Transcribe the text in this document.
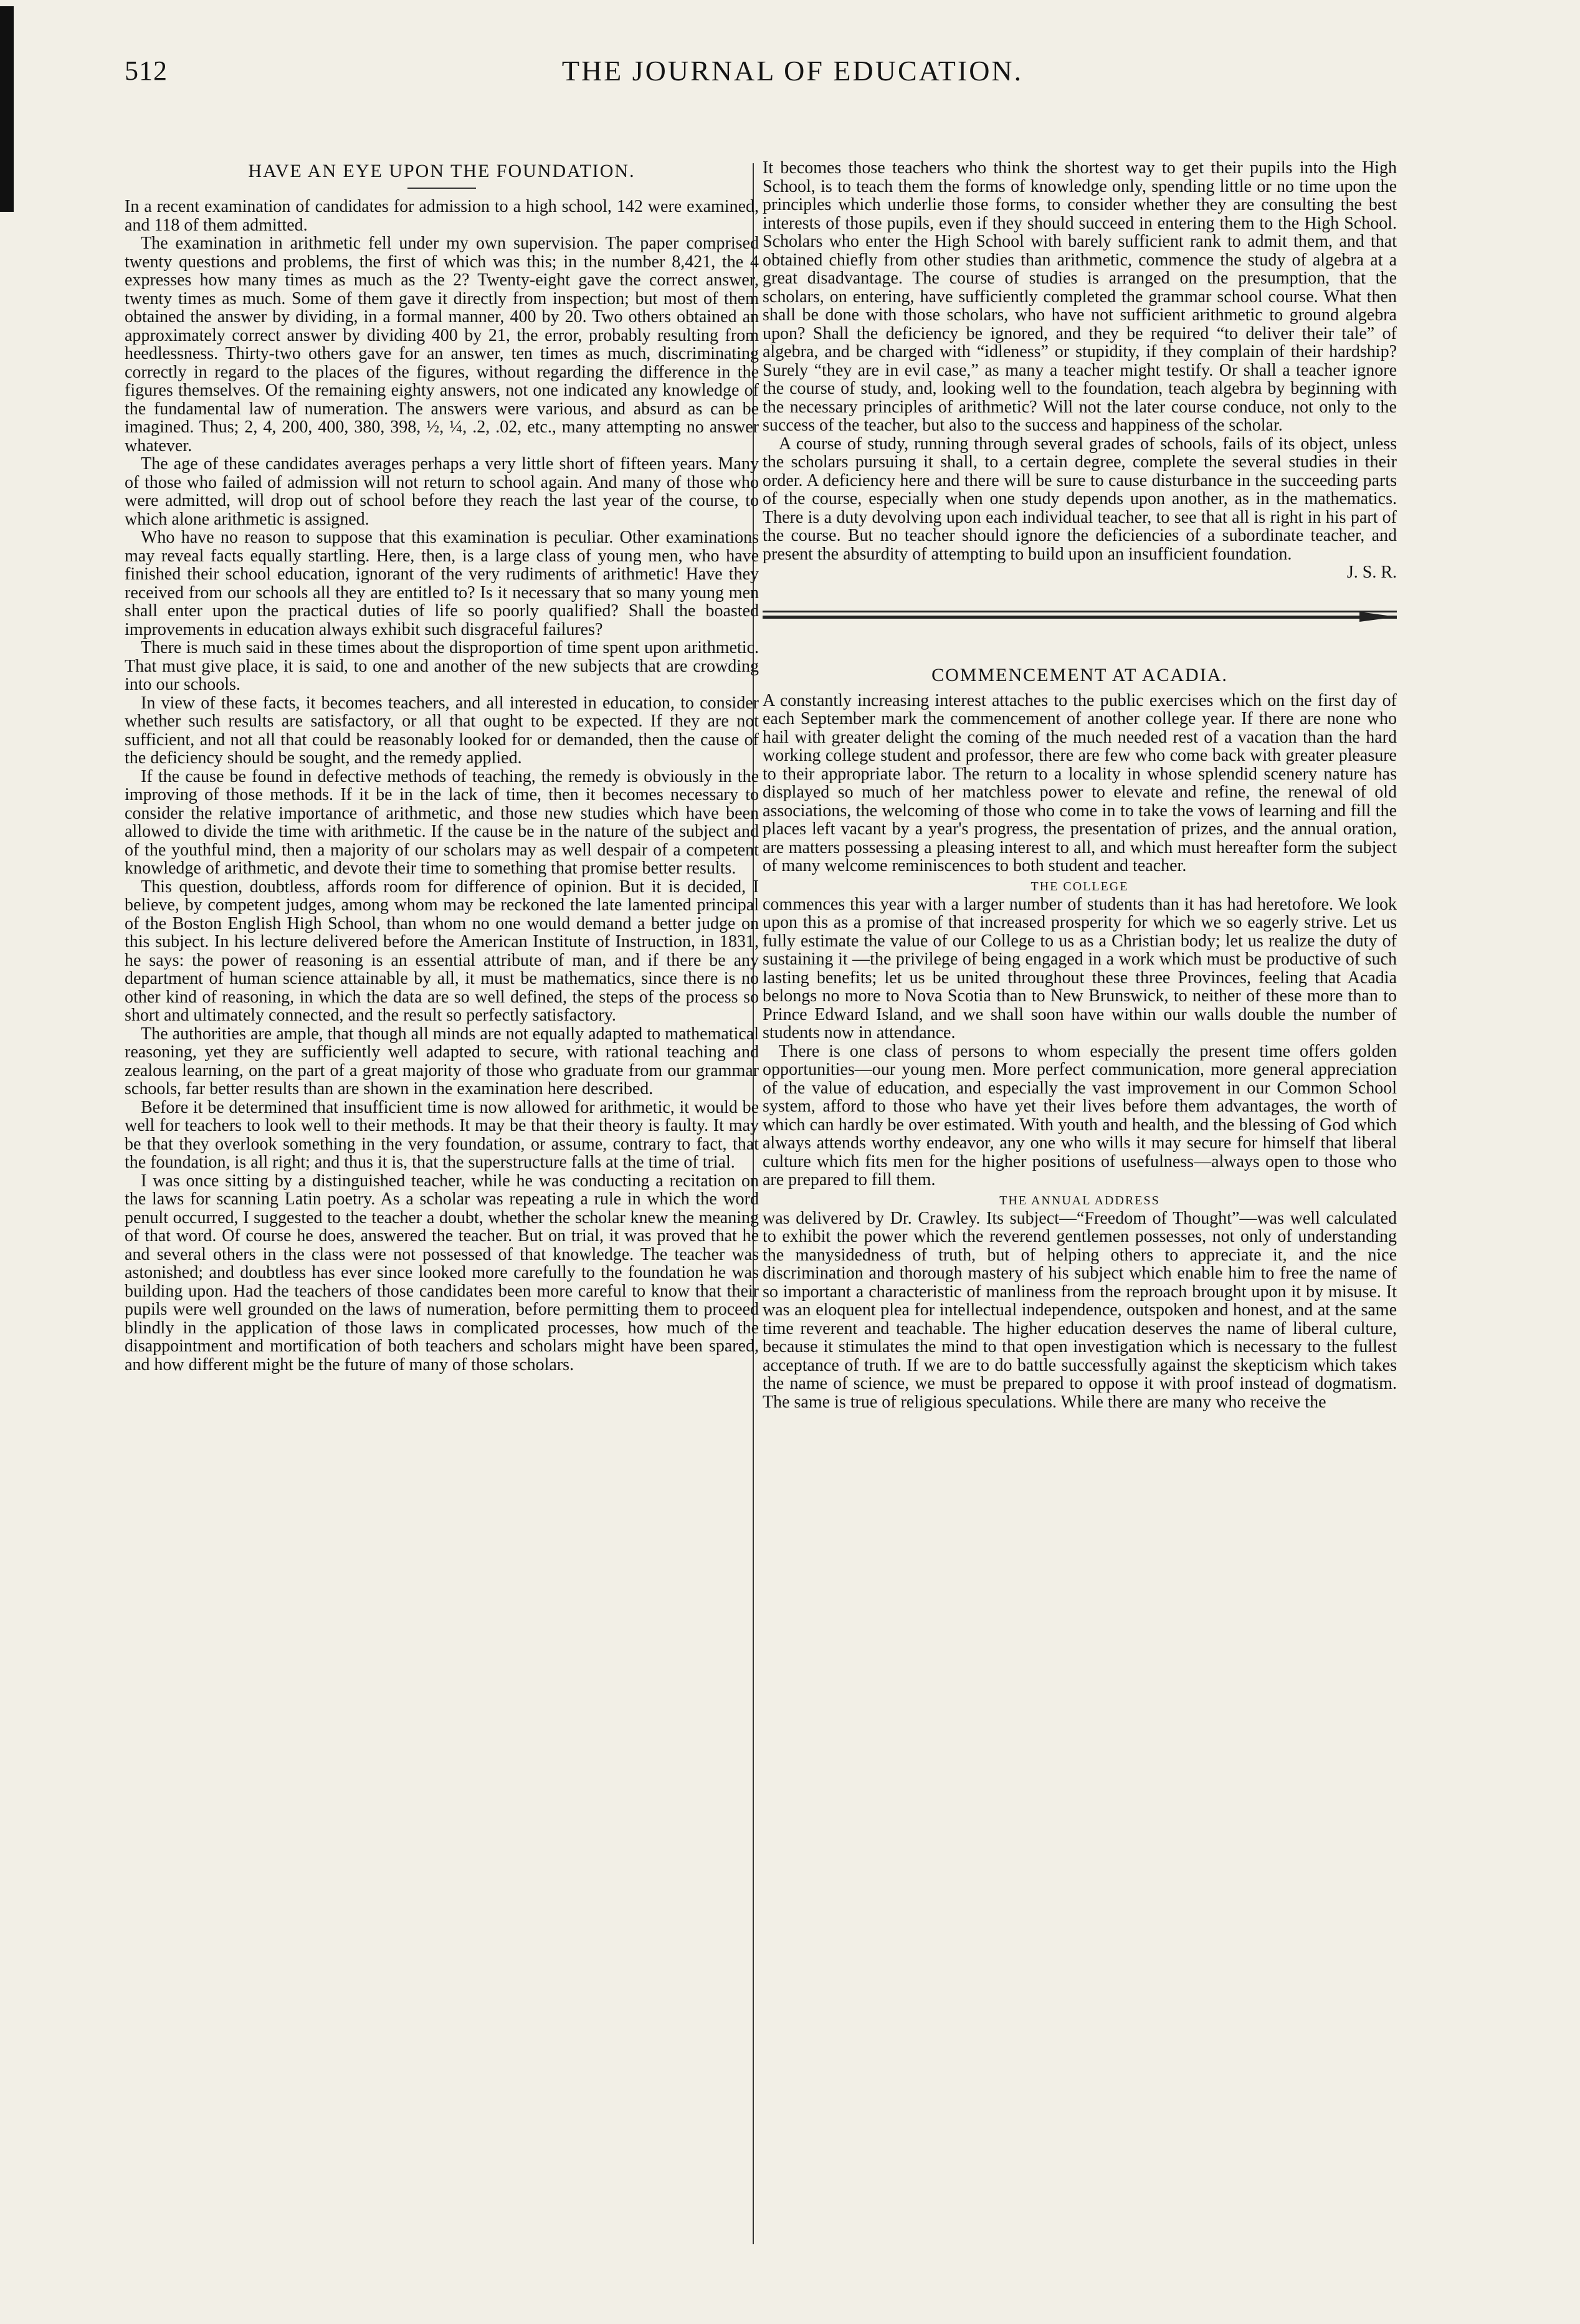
512	THE JOURNAL OF EDUCATION.
HAVE AN EYE UPON THE FOUNDATION.

In a recent examination of candidates for admission to a high school, 142 were examined, and 118 of them admitted.

The examination in arithmetic fell under my own supervision. The paper comprised twenty questions and problems, the first of which was this; in the number 8,421, the 4 expresses how many times as much as the 2? Twenty-eight gave the correct answer, twenty times as much. Some of them gave it directly from inspection; but most of them obtained the answer by dividing, in a formal manner, 400 by 20. Two others obtained an approximately correct answer by dividing 400 by 21, the error, probably resulting from heedlessness. Thirty-two others gave for an answer, ten times as much, discriminating correctly in regard to the places of the figures, without regarding the difference in the figures themselves. Of the remaining eighty answers, not one indicated any knowledge of the fundamental law of numeration. The answers were various, and absurd as can be imagined. Thus; 2, 4, 200, 400, 380, 398, ½, ¼, .2, .02, etc., many attempting no answer whatever.

The age of these candidates averages perhaps a very little short of fifteen years. Many of those who failed of admission will not return to school again. And many of those who were admitted, will drop out of school before they reach the last year of the course, to which alone arithmetic is assigned.

Who have no reason to suppose that this examination is peculiar. Other examinations may reveal facts equally startling. Here, then, is a large class of young men, who have finished their school education, ignorant of the very rudiments of arithmetic! Have they received from our schools all they are entitled to? Is it necessary that so many young men shall enter upon the practical duties of life so poorly qualified? Shall the boasted improvements in education always exhibit such disgraceful failures?

There is much said in these times about the disproportion of time spent upon arithmetic. That must give place, it is said, to one and another of the new subjects that are crowding into our schools.

In view of these facts, it becomes teachers, and all interested in education, to consider whether such results are satisfactory, or all that ought to be expected. If they are not sufficient, and not all that could be reasonably looked for or demanded, then the cause of the deficiency should be sought, and the remedy applied.

If the cause be found in defective methods of teaching, the remedy is obviously in the improving of those methods. If it be in the lack of time, then it becomes necessary to consider the relative importance of arithmetic, and those new studies which have been allowed to divide the time with arithmetic. If the cause be in the nature of the subject and of the youthful mind, then a majority of our scholars may as well despair of a competent knowledge of arithmetic, and devote their time to something that promise better results.

This question, doubtless, affords room for difference of opinion. But it is decided, I believe, by competent judges, among whom may be reckoned the late lamented principal of the Boston English High School, than whom no one would demand a better judge on this subject. In his lecture delivered before the American Institute of Instruction, in 1831, he says: the power of reasoning is an essential attribute of man, and if there be any department of human science attainable by all, it must be mathematics, since there is no other kind of reasoning, in which the data are so well defined, the steps of the process so short and ultimately connected, and the result so perfectly satisfactory.

The authorities are ample, that though all minds are not equally adapted to mathematical reasoning, yet they are sufficiently well adapted to secure, with rational teaching and zealous learning, on the part of a great majority of those who graduate from our grammar schools, far better results than are shown in the examination here described.

Before it be determined that insufficient time is now allowed for arithmetic, it would be well for teachers to look well to their methods. It may be that their theory is faulty. It may be that they overlook something in the very foundation, or assume, contrary to fact, that the foundation, is all right; and thus it is, that the superstructure falls at the time of trial.

I was once sitting by a distinguished teacher, while he was conducting a recitation on the laws for scanning Latin poetry. As a scholar was repeating a rule in which the word penult occurred, I suggested to the teacher a doubt, whether the scholar knew the meaning of that word. Of course he does, answered the teacher. But on trial, it was proved that he and several others in the class were not possessed of that knowledge. The teacher was astonished; and doubtless has ever since looked more carefully to the foundation he was building upon. Had the teachers of those candidates been more careful to know that their pupils were well grounded on the laws of numeration, before permitting them to proceed blindly in the application of those laws in complicated processes, how much of the disappointment and mortification of both teachers and scholars might have been spared, and how different might be the future of many of those scholars.

It becomes those teachers who think the shortest way to get their pupils into the High School, is to teach them the forms of knowledge only, spending little or no time upon the principles which underlie those forms, to consider whether they are consulting the best interests of those pupils, even if they should succeed in entering them to the High School. Scholars who enter the High School with barely sufficient rank to admit them, and that obtained chiefly from other studies than arithmetic, commence the study of algebra at a great disadvantage. The course of studies is arranged on the presumption, that the scholars, on entering, have sufficiently completed the grammar school course. What then shall be done with those scholars, who have not sufficient arithmetic to ground algebra upon? Shall the deficiency be ignored, and they be required “to deliver their tale” of algebra, and be charged with “idleness” or stupidity, if they complain of their hardship? Surely “they are in evil case,” as many a teacher might testify. Or shall a teacher ignore the course of study, and, looking well to the foundation, teach algebra by beginning with the necessary principles of arithmetic? Will not the later course conduce, not only to the success of the teacher, but also to the success and happiness of the scholar.

A course of study, running through several grades of schools, fails of its object, unless the scholars pursuing it shall, to a certain degree, complete the several studies in their order. A deficiency here and there will be sure to cause disturbance in the succeeding parts of the course, especially when one study depends upon another, as in the mathematics. There is a duty devolving upon each individual teacher, to see that all is right in his part of the course. But no teacher should ignore the deficiencies of a subordinate teacher, and present the absurdity of attempting to build upon an insufficient foundation.

J. S. R.
COMMENCEMENT AT ACADIA.

A constantly increasing interest attaches to the public exercises which on the first day of each September mark the commencement of another college year. If there are none who hail with greater delight the coming of the much needed rest of a vacation than the hard working college student and professor, there are few who come back with greater pleasure to their appropriate labor. The return to a locality in whose splendid scenery nature has displayed so much of her matchless power to elevate and refine, the renewal of old associations, the welcoming of those who come in to take the vows of learning and fill the places left vacant by a year's progress, the presentation of prizes, and the annual oration, are matters possessing a pleasing interest to all, and which must hereafter form the subject of many welcome reminiscences to both student and teacher.

THE COLLEGE

commences this year with a larger number of students than it has had heretofore. We look upon this as a promise of that increased prosperity for which we so eagerly strive. Let us fully estimate the value of our College to us as a Christian body; let us realize the duty of sustaining it —the privilege of being engaged in a work which must be productive of such lasting benefits; let us be united throughout these three Provinces, feeling that Acadia belongs no more to Nova Scotia than to New Brunswick, to neither of these more than to Prince Edward Island, and we shall soon have within our walls double the number of students now in attendance.

There is one class of persons to whom especially the present time offers golden opportunities—our young men. More perfect communication, more general appreciation of the value of education, and especially the vast improvement in our Common School system, afford to those who have yet their lives before them advantages, the worth of which can hardly be over estimated. With youth and health, and the blessing of God which always attends worthy endeavor, any one who wills it may secure for himself that liberal culture which fits men for the higher positions of usefulness—always open to those who are prepared to fill them.

THE ANNUAL ADDRESS

was delivered by Dr. Crawley. Its subject—“Freedom of Thought”—was well calculated to exhibit the power which the reverend gentlemen possesses, not only of understanding the manysidedness of truth, but of helping others to appreciate it, and the nice discrimination and thorough mastery of his subject which enable him to free the name of so important a characteristic of manliness from the reproach brought upon it by misuse. It was an eloquent plea for intellectual independence, outspoken and honest, and at the same time reverent and teachable. The higher education deserves the name of liberal culture, because it stimulates the mind to that open investigation which is necessary to the fullest acceptance of truth. If we are to do battle successfully against the skepticism which takes the name of science, we must be prepared to oppose it with proof instead of dogmatism. The same is true of religious speculations. While there are many who receive the
